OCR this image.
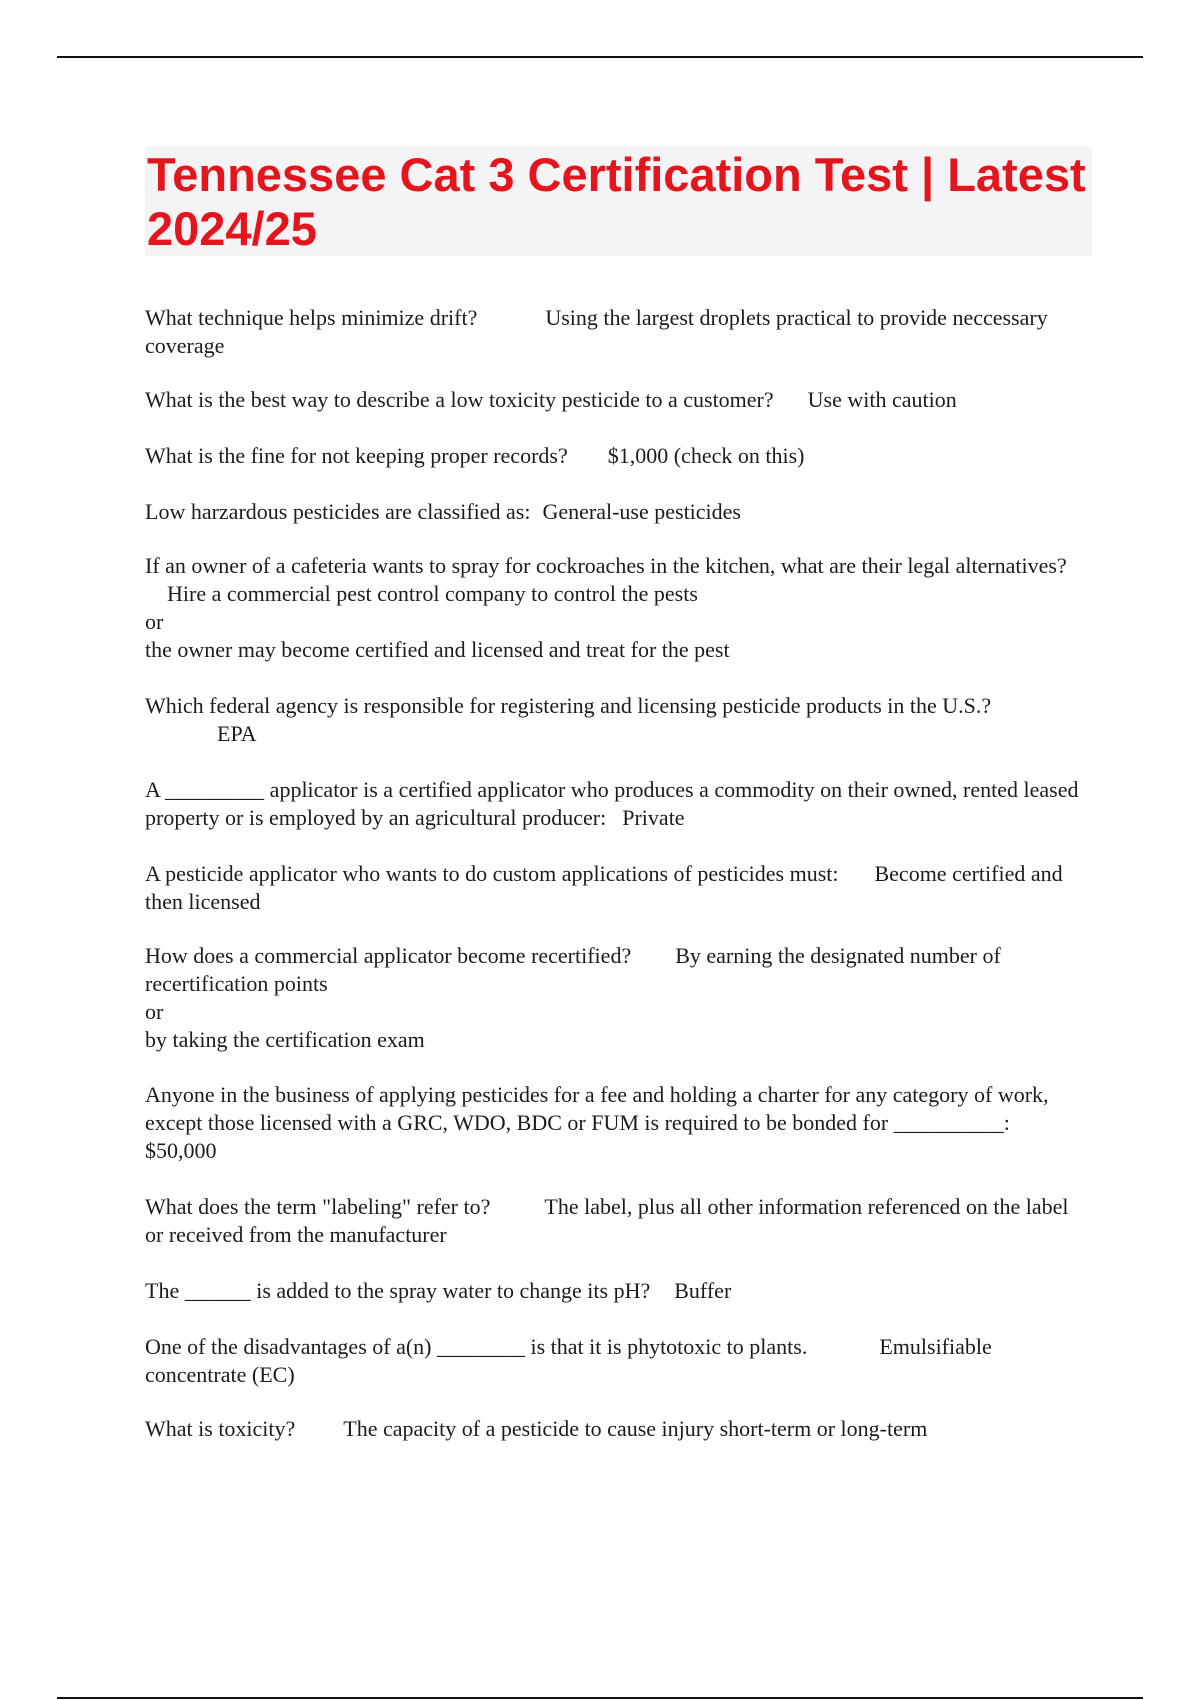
Tennessee Cat 3 Certification Test | Latest 2024/25

What technique helps minimize drift?	Using the largest droplets practical to provide neccessary coverage

What is the best way to describe a low toxicity pesticide to a customer? Use with caution

What is the fine for not keeping proper records? $1,000 (check on this)

Low harzardous pesticides are classified as: General-use pesticides

If an owner of a cafeteria wants to spray for cockroaches in the kitchen, what are their legal alternatives?Hire a commercial pest control company to control the pests
or
the owner may become certified and licensed and treat for the pest

Which federal agency is responsible for registering and licensing pesticide products in the U.S.?
EPA

A _________ applicator is a certified applicator who produces a commodity on their owned, rented leased property or is employed by an agricultural producer: Private

A pesticide applicator who wants to do custom applications of pesticides must: Become certified and then licensed

How does a commercial applicator become recertified? By earning the designated number of recertification points
or
by taking the certification exam

Anyone in the business of applying pesticides for a fee and holding a charter for any category of work, except those licensed with a GRC, WDO, BDC or FUM is required to be bonded for __________:$50,000

What does the term "labeling" refer to? The label, plus all other information referenced on the label or received from the manufacturer

The ______ is added to the spray water to change its pH? Buffer

One of the disadvantages of a(n) ________ is that it is phytotoxic to plants.	Emulsifiable concentrate (EC)

What is toxicity? The capacity of a pesticide to cause injury short-term or long-term
